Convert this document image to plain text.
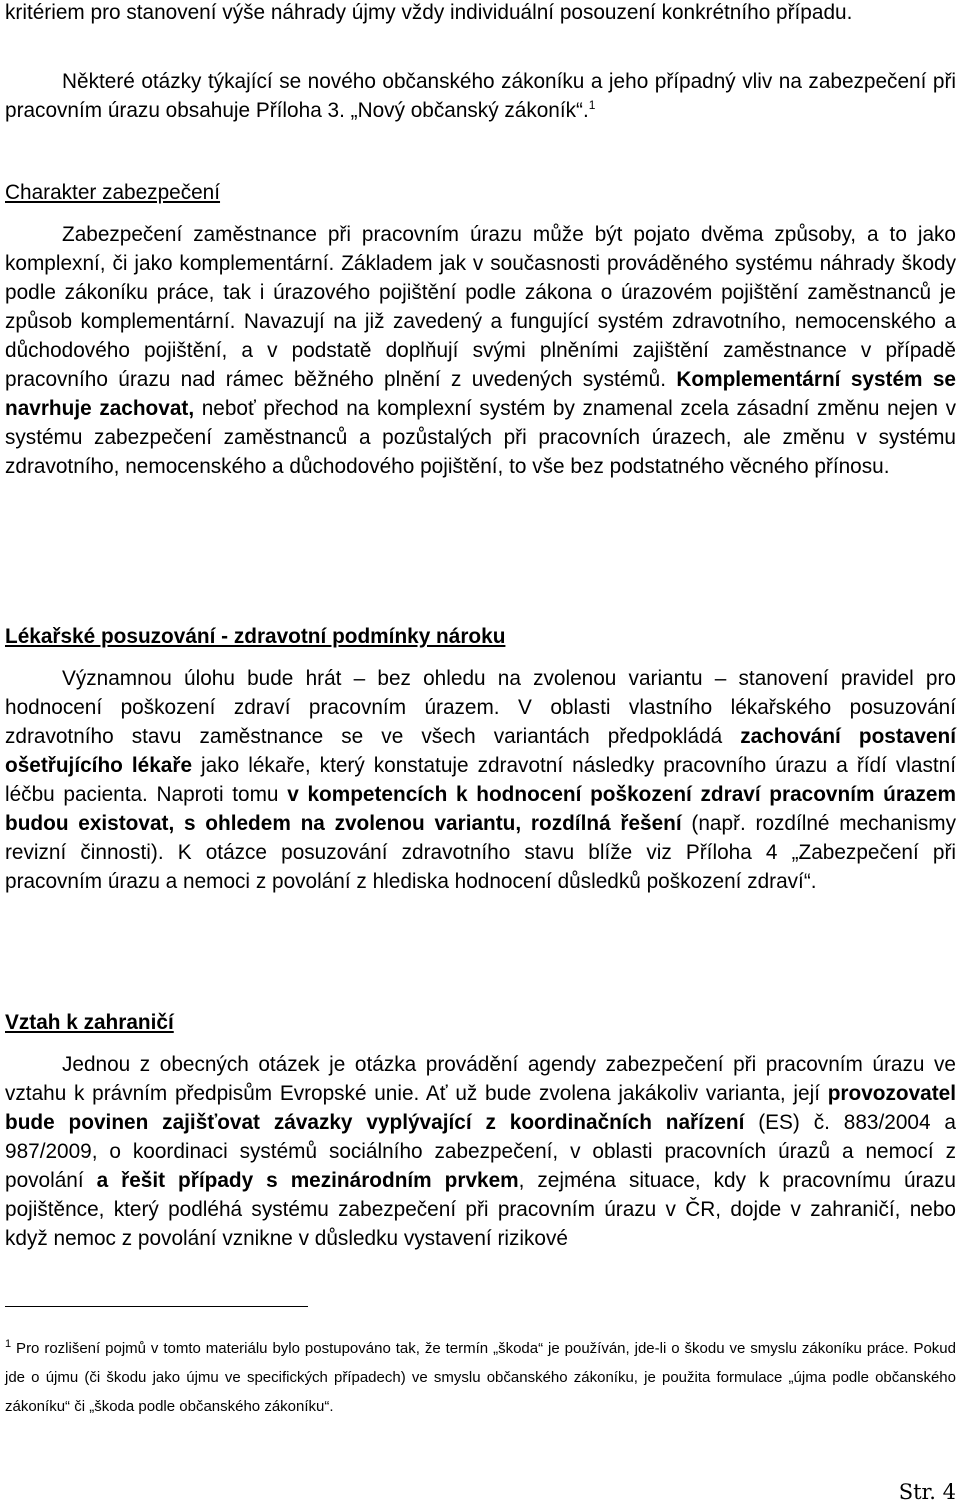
kritériem pro stanovení výše náhrady újmy vždy individuální posouzení konkrétního případu.

Některé otázky týkající se nového občanského zákoníku a jeho případný vliv na zabezpečení při pracovním úrazu obsahuje Příloha 3. „Nový občanský zákoník“.$^1$

Charakter zabezpečení

Zabezpečení zaměstnance při pracovním úrazu může být pojato dvěma způsoby, a to jako komplexní, či jako komplementární. Základem jak v současnosti prováděného systému náhrady škody podle zákoníku práce, tak i úrazového pojištění podle zákona o úrazovém pojištění zaměstnanců je způsob komplementární. Navazují na již zavedený a fungující systém zdravotního, nemocenského a důchodového pojištění, a v podstatě doplňují svými plněními zajištění zaměstnance v případě pracovního úrazu nad rámec běžného plnění z uvedených systémů. Komplementární systém se navrhuje zachovat, neboť přechod na komplexní systém by znamenal zcela zásadní změnu nejen v systému zabezpečení zaměstnanců a pozůstalých při pracovních úrazech, ale změnu v systému zdravotního, nemocenského a důchodového pojištění, to vše bez podstatného věcného přínosu.

Lékařské posuzování - zdravotní podmínky nároku

Významnou úlohu bude hrát – bez ohledu na zvolenou variantu – stanovení pravidel pro hodnocení poškození zdraví pracovním úrazem. V oblasti vlastního lékařského posuzování zdravotního stavu zaměstnance se ve všech variantách předpokládá zachování postavení ošetřujícího lékaře jako lékaře, který konstatuje zdravotní následky pracovního úrazu a řídí vlastní léčbu pacienta. Naproti tomu v kompetencích k hodnocení poškození zdraví pracovním úrazem budou existovat, s ohledem na zvolenou variantu, rozdílná řešení (např. rozdílné mechanismy revizní činnosti). K otázce posuzování zdravotního stavu blíže viz Příloha 4 „Zabezpečení při pracovním úrazu a nemoci z povolání z hlediska hodnocení důsledků poškození zdraví“.

Vztah k zahraničí

Jednou z obecných otázek je otázka provádění agendy zabezpečení při pracovním úrazu ve vztahu k právním předpisům Evropské unie. Ať už bude zvolena jakákoliv varianta, její provozovatel bude povinen zajišťovat závazky vyplývající z koordinačních nařízení (ES) č. 883/2004 a 987/2009, o koordinaci systémů sociálního zabezpečení, v oblasti pracovních úrazů a nemocí z povolání a řešit případy s mezinárodním prvkem, zejména situace, kdy k pracovnímu úrazu pojištěnce, který podléhá systému zabezpečení při pracovním úrazu v ČR, dojde v zahraničí, nebo když nemoc z povolání vznikne v důsledku vystavení rizikové

$^1$ Pro rozlišení pojmů v tomto materiálu bylo postupováno tak, že termín „škoda“ je používán, jde-li o škodu ve smyslu zákoníku práce. Pokud jde o újmu (či škodu jako újmu ve specifických případech) ve smyslu občanského zákoníku, je použita formulace „újma podle občanského zákoníku“ či „škoda podle občanského zákoníku“.

Str. 4
